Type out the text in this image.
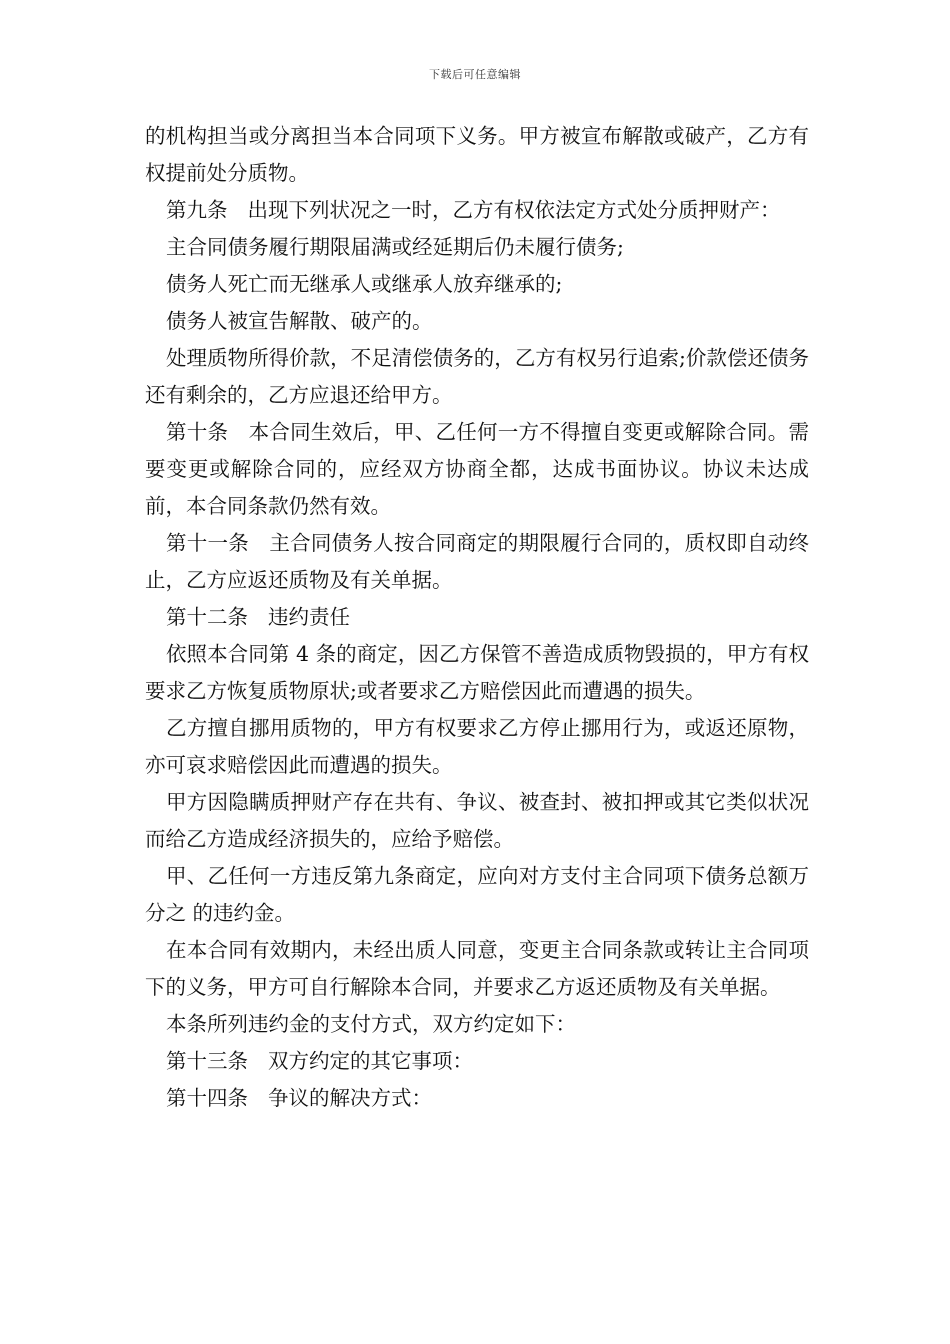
下载后可任意编辑

的机构担当或分离担当本合同项下义务。甲方被宣布解散或破产，乙方有权提前处分质物。

第九条 出现下列状况之一时，乙方有权依法定方式处分质押财产：

主合同债务履行期限届满或经延期后仍未履行债务;

债务人死亡而无继承人或继承人放弃继承的;

债务人被宣告解散、破产的。

处理质物所得价款，不足清偿债务的，乙方有权另行追索;价款偿还债务还有剩余的，乙方应退还给甲方。

第十条 本合同生效后，甲、乙任何一方不得擅自变更或解除合同。需要变更或解除合同的，应经双方协商全都，达成书面协议。协议未达成前，本合同条款仍然有效。

第十一条 主合同债务人按合同商定的期限履行合同的，质权即自动终止，乙方应返还质物及有关单据。

第十二条 违约责任

依照本合同第 4 条的商定，因乙方保管不善造成质物毁损的，甲方有权要求乙方恢复质物原状;或者要求乙方赔偿因此而遭遇的损失。

乙方擅自挪用质物的，甲方有权要求乙方停止挪用行为，或返还原物，亦可哀求赔偿因此而遭遇的损失。

甲方因隐瞒质押财产存在共有、争议、被查封、被扣押或其它类似状况而给乙方造成经济损失的，应给予赔偿。

甲、乙任何一方违反第九条商定，应向对方支付主合同项下债务总额万分之 的违约金。

在本合同有效期内，未经出质人同意，变更主合同条款或转让主合同项下的义务，甲方可自行解除本合同，并要求乙方返还质物及有关单据。

本条所列违约金的支付方式，双方约定如下：

第十三条 双方约定的其它事项：

第十四条 争议的解决方式：
